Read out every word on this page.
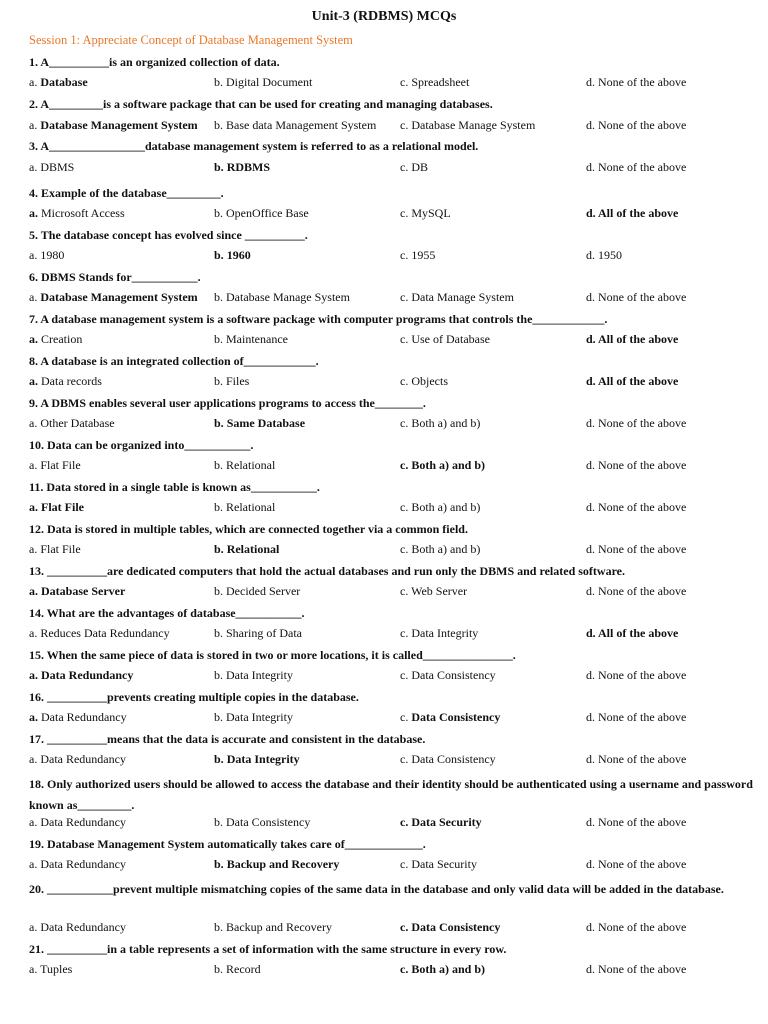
Unit-3 (RDBMS) MCQs
Session 1: Appreciate Concept of Database Management System
1. A__________is an organized collection of data.
a. Database	b. Digital Document	c. Spreadsheet	d. None of the above
2. A_________is a software package that can be used for creating and managing databases.
a. Database Management System b. Base data Management System c. Database Manage System	d. None of the above
3. A________________database management system is referred to as a relational model.
a. DBMS	b. RDBMS	c. DB	d. None of the above
4. Example of the database_________.
a. Microsoft Access	b. OpenOffice Base	c. MySQL	d. All of the above
5. The database concept has evolved since __________.
a. 1980	b. 1960	c. 1955	d. 1950
6. DBMS Stands for___________.
a. Database Management System b. Database Manage System	c. Data Manage System	d. None of the above
7. A database management system is a software package with computer programs that controls the____________.
a. Creation	b. Maintenance	c. Use of Database	d. All of the above
8. A database is an integrated collection of____________.
a. Data records	b. Files	c. Objects	d. All of the above
9. A DBMS enables several user applications programs to access the________.
a. Other Database	b. Same Database	c. Both a) and b)	d. None of the above
10. Data can be organized into___________.
a. Flat File	b. Relational	c. Both a) and b)	d. None of the above
11. Data stored in a single table is known as___________.
a. Flat File	b. Relational	c. Both a) and b)	d. None of the above
12. Data is stored in multiple tables, which are connected together via a common field.
a. Flat File	b. Relational	c. Both a) and b)	d. None of the above
13. __________are dedicated computers that hold the actual databases and run only the DBMS and related software.
a. Database Server	b. Decided Server	c. Web Server	d. None of the above
14. What are the advantages of database___________.
a. Reduces Data Redundancy	b. Sharing of Data	c. Data Integrity	d. All of the above
15. When the same piece of data is stored in two or more locations, it is called_______________.
a. Data Redundancy	b. Data Integrity	c. Data Consistency	d. None of the above
16. __________prevents creating multiple copies in the database.
a. Data Redundancy	b. Data Integrity	c. Data Consistency	d. None of the above
17. __________means that the data is accurate and consistent in the database.
a. Data Redundancy	b. Data Integrity	c. Data Consistency	d. None of the above
18. Only authorized users should be allowed to access the database and their identity should be authenticated using a username and password known as_________.
a. Data Redundancy	b. Data Consistency	c. Data Security	d. None of the above
19. Database Management System automatically takes care of_____________.
a. Data Redundancy	b. Backup and Recovery	c. Data Security	d. None of the above
20. ___________prevent multiple mismatching copies of the same data in the database and only valid data will be added in the database.
a. Data Redundancy	b. Backup and Recovery	c. Data Consistency	d. None of the above
21. __________in a table represents a set of information with the same structure in every row.
a. Tuples	b. Record	c. Both a) and b)	d. None of the above
